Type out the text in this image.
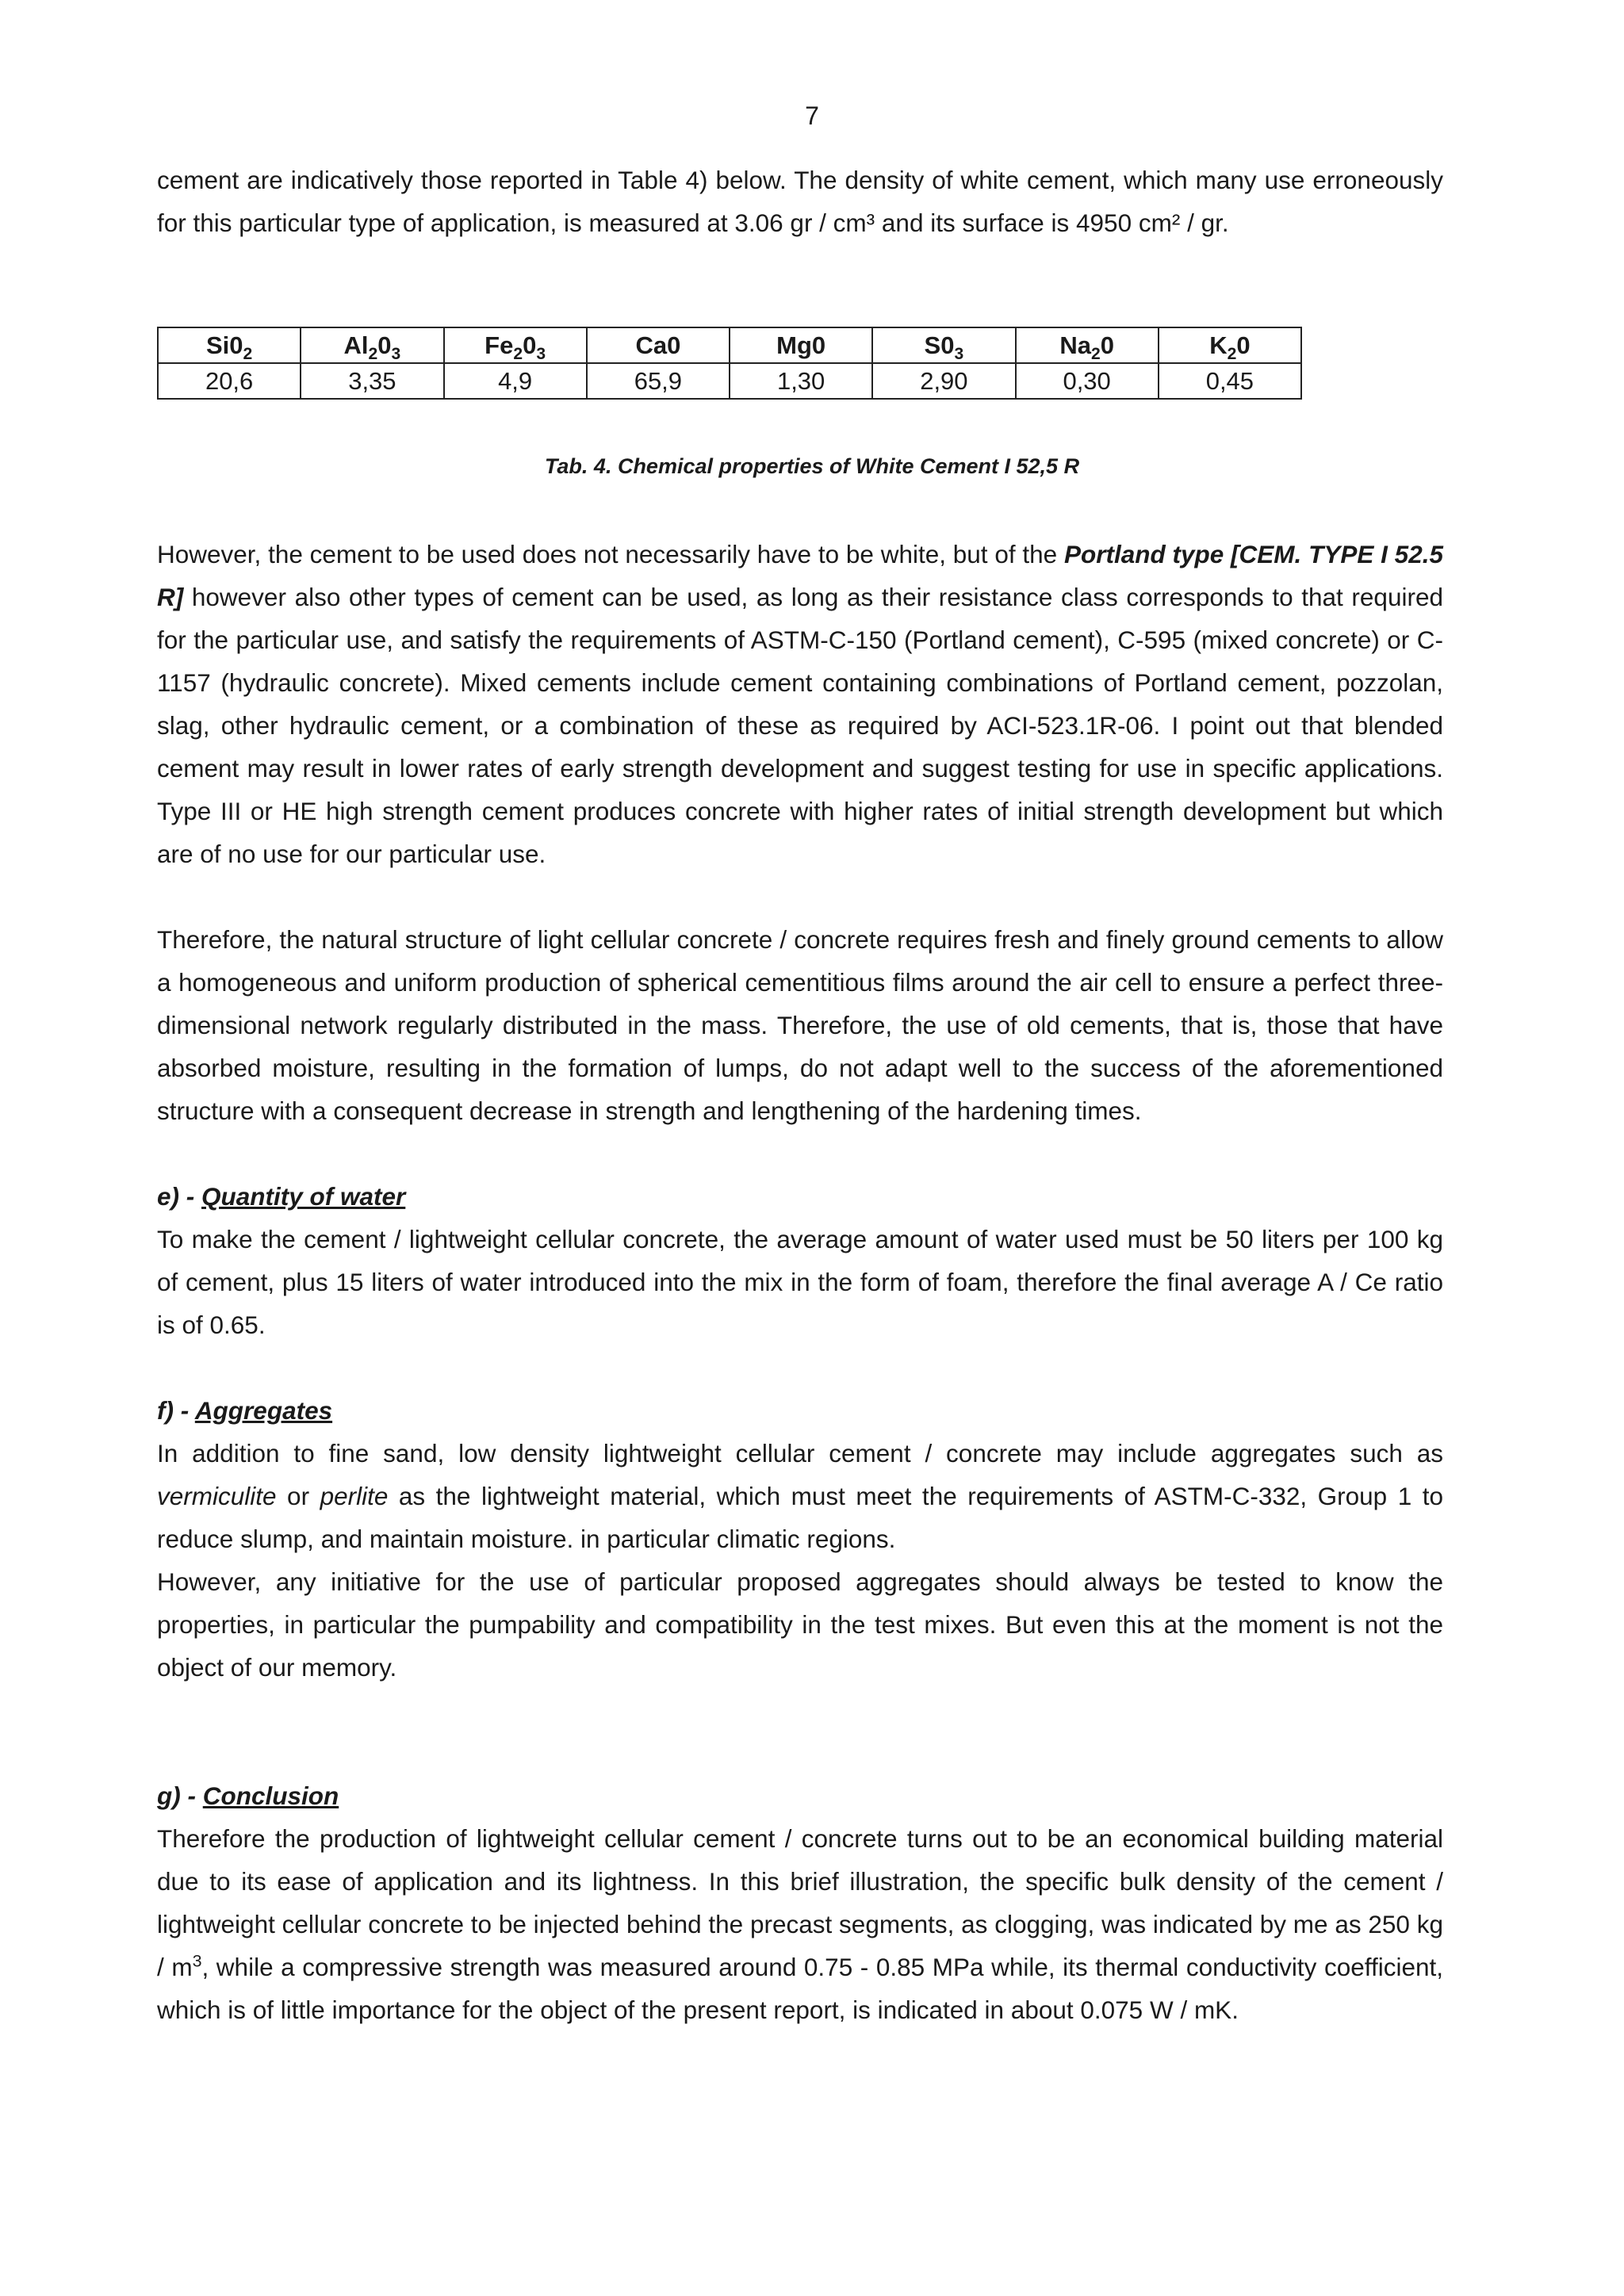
7

cement are indicatively those reported in Table 4) below. The density of white cement, which many use erroneously for this particular type of application, is measured at 3.06 gr / cm³ and its surface is 4950 cm² / gr.

$Si0_2$	$Al_20_3$	$Fe_20_3$	Ca0	Mg0	$S0_3$	$Na_20$	$K_20$
20,6	3,35	4,9	65,9	1,30	2,90	0,30	0,45
Tab. 4. Chemical properties of White Cement I 52,5 R

However, the cement to be used does not necessarily have to be white, but of the Portland type [CEM. TYPE I 52.5 R] however also other types of cement can be used, as long as their resistance class corresponds to that required for the particular use, and satisfy the requirements of ASTM-C-150 (Portland cement), C-595 (mixed concrete) or C-1157 (hydraulic concrete). Mixed cements include cement containing combinations of Portland cement, pozzolan, slag, other hydraulic cement, or a combination of these as required by ACI-523.1R-06. I point out that blended cement may result in lower rates of early strength development and suggest testing for use in specific applications. Type III or HE high strength cement produces concrete with higher rates of initial strength development but which are of no use for our particular use.

Therefore, the natural structure of light cellular concrete / concrete requires fresh and finely ground cements to allow a homogeneous and uniform production of spherical cementitious films around the air cell to ensure a perfect three-dimensional network regularly distributed in the mass. Therefore, the use of old cements, that is, those that have absorbed moisture, resulting in the formation of lumps, do not adapt well to the success of the aforementioned structure with a consequent decrease in strength and lengthening of the hardening times.

e) - Quantity of water

To make the cement / lightweight cellular concrete, the average amount of water used must be 50 liters per 100 kg of cement, plus 15 liters of water introduced into the mix in the form of foam, therefore the final average A / Ce ratio is of 0.65.

f) - Aggregates

In addition to fine sand, low density lightweight cellular cement / concrete may include aggregates such as vermiculite or perlite as the lightweight material, which must meet the requirements of ASTM-C-332, Group 1 to reduce slump, and maintain moisture. in particular climatic regions.

However, any initiative for the use of particular proposed aggregates should always be tested to know the properties, in particular the pumpability and compatibility in the test mixes. But even this at the moment is not the object of our memory.

g) - Conclusion

Therefore the production of lightweight cellular cement / concrete turns out to be an economical building material due to its ease of application and its lightness. In this brief illustration, the specific bulk density of the cement / lightweight cellular concrete to be injected behind the precast segments, as clogging, was indicated by me as 250 kg / $m^3$, while a compressive strength was measured around 0.75 - 0.85 MPa while, its thermal conductivity coefficient, which is of little importance for the object of the present report, is indicated in about 0.075 W / mK.
